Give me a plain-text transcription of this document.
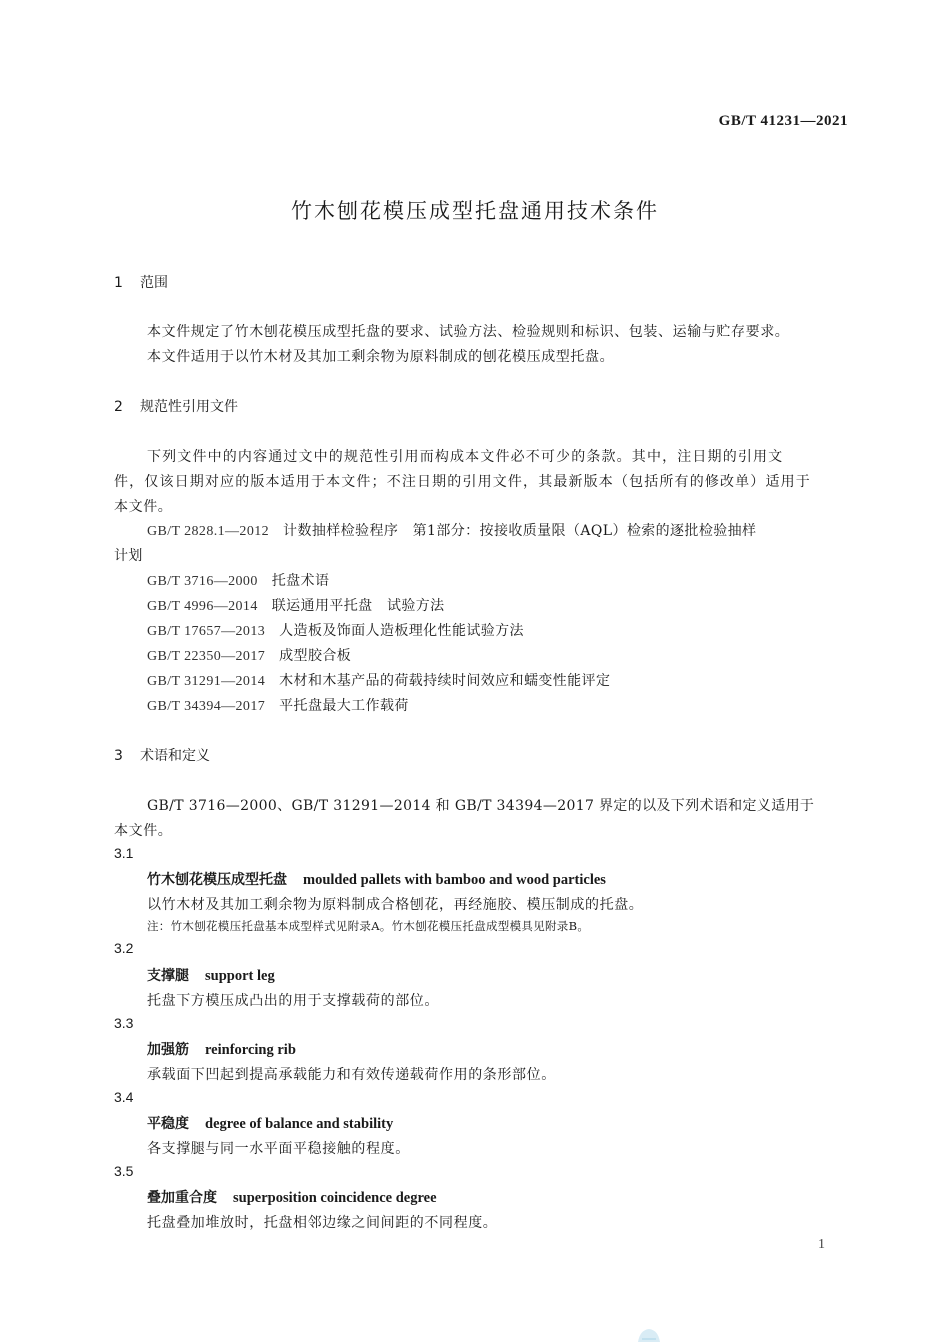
GB/T 41231—2021
竹木刨花模压成型托盘通用技术条件
1 范围
本文件规定了竹木刨花模压成型托盘的要求、试验方法、检验规则和标识、包装、运输与贮存要求。
本文件适用于以竹木材及其加工剩余物为原料制成的刨花模压成型托盘。
2 规范性引用文件
下列文件中的内容通过文中的规范性引用而构成本文件必不可少的条款。其中，注日期的引用文
件，仅该日期对应的版本适用于本文件；不注日期的引用文件，其最新版本（包括所有的修改单）适用于
本文件。
GB/T 2828.1—2012 计数抽样检验程序　第1部分：按接收质量限（AQL）检索的逐批检验抽样
计划
GB/T 3716—2000 托盘术语
GB/T 4996—2014 联运通用平托盘　试验方法
GB/T 17657—2013 人造板及饰面人造板理化性能试验方法
GB/T 22350—2017 成型胶合板
GB/T 31291—2014 木材和木基产品的荷载持续时间效应和蠕变性能评定
GB/T 34394—2017 平托盘最大工作载荷
3 术语和定义
GB/T 3716—2000、GB/T 31291—2014 和 GB/T 34394—2017 界定的以及下列术语和定义适用于
本文件。
3.1
竹木刨花模压成型托盘 moulded pallets with bamboo and wood particles
以竹木材及其加工剩余物为原料制成合格刨花，再经施胶、模压制成的托盘。
注：竹木刨花模压托盘基本成型样式见附录A。竹木刨花模压托盘成型模具见附录B。
3.2
支撑腿 support leg
托盘下方模压成凸出的用于支撑载荷的部位。
3.3
加强筋 reinforcing rib
承载面下凹起到提高承载能力和有效传递载荷作用的条形部位。
3.4
平稳度 degree of balance and stability
各支撑腿与同一水平面平稳接触的程度。
3.5
叠加重合度 superposition coincidence degree
托盘叠加堆放时，托盘相邻边缘之间间距的不同程度。
1
